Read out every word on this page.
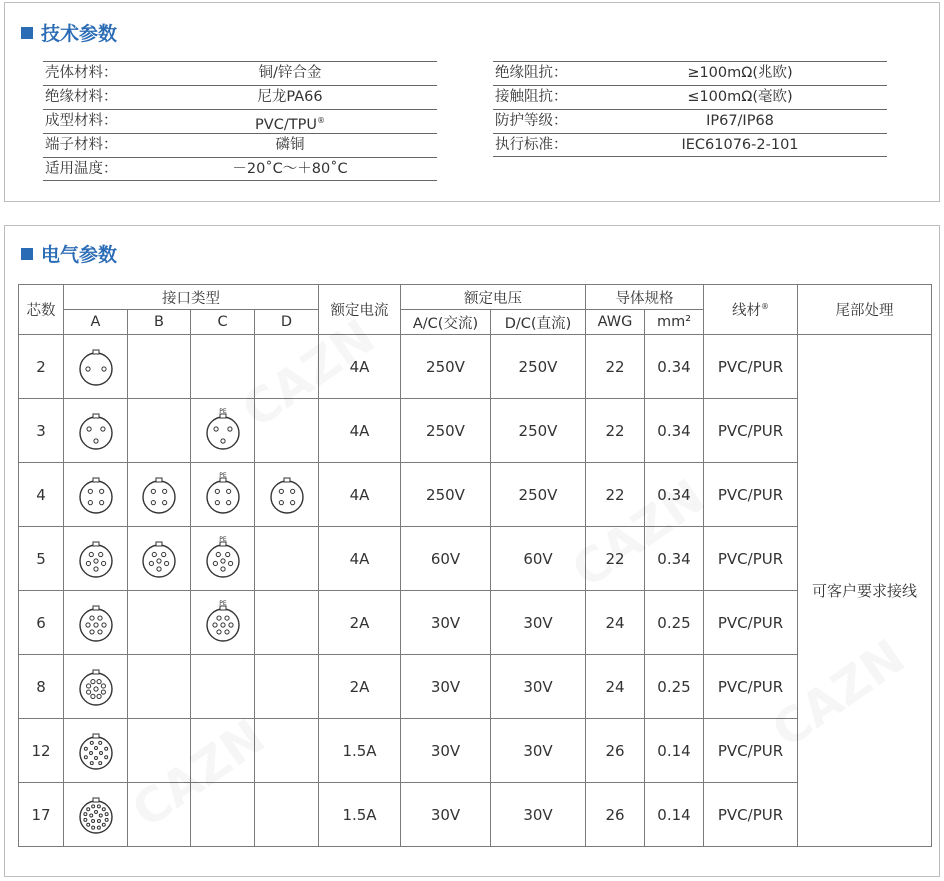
技术参数
壳体材料：	铜/锌合金
绝缘材料：	尼龙PA66
成型材料：	PVC/TPU®
端子材料：	磷铜
适用温度：	－20˚C～＋80˚C
绝缘阻抗：	≥100mΩ(兆欧)
接触阻抗：	≤100mΩ(毫欧)
防护等级：	IP67/IP68
执行标准：	IEC61076-2-101
电气参数
芯数	接口类型				额定电流	额定电压		导体规格		线材®	尾部处理
	A	B	C	D		A/C(交流)	D/C(直流)	AWG	mm²		
2					4A	250V	250V	22	0.34	PVC/PUR	可客户要求接线
3			PE		4A	250V	250V	22	0.34	PVC/PUR	
4			PE		4A	250V	250V	22	0.34	PVC/PUR	
5			PE		4A	60V	60V	22	0.34	PVC/PUR	
6			PE		2A	30V	30V	24	0.25	PVC/PUR	
8					2A	30V	30V	24	0.25	PVC/PUR	
12					1.5A	30V	30V	26	0.14	PVC/PUR	
17					1.5A	30V	30V	26	0.14	PVC/PUR	
